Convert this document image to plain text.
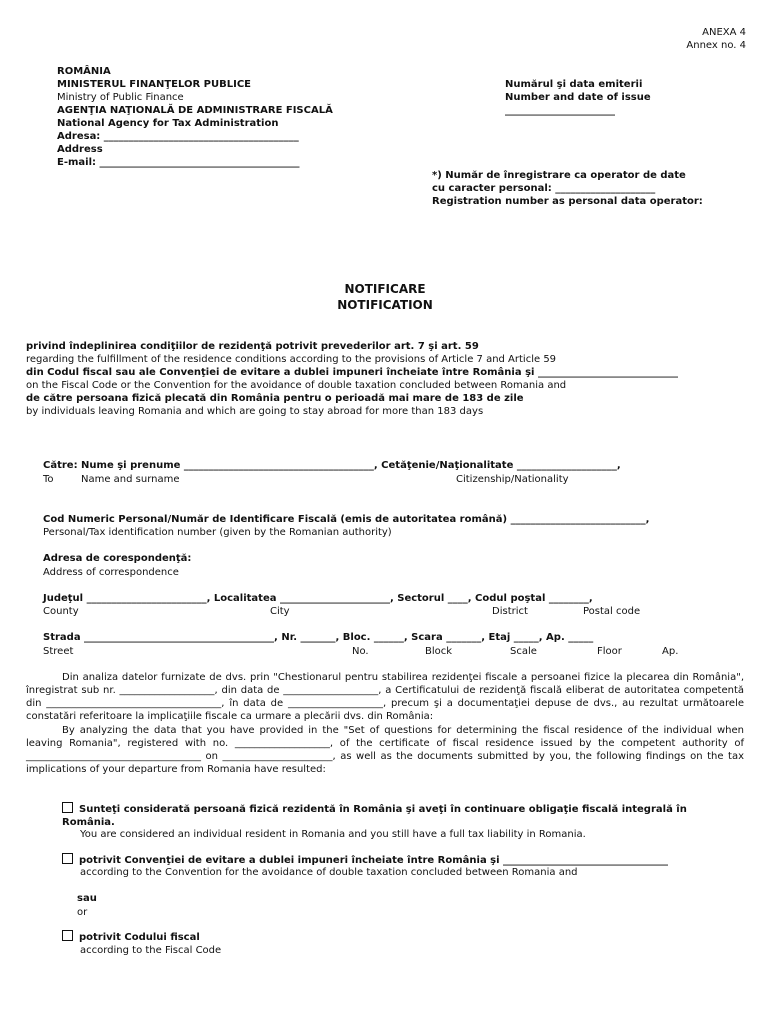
ANEXA 4
Annex no. 4
ROMÂNIA
MINISTERUL FINANŢELOR PUBLICE
Ministry of Public Finance
AGENŢIA NAŢIONALĂ DE ADMINISTRARE FISCALĂ
National Agency for Tax Administration
Adresa: _______________________________________
Address
E-mail: ________________________________________
Numărul şi data emiterii
Number and date of issue
______________________
*) Număr de înregistrare ca operator de date
cu caracter personal: ____________________
Registration number as personal data operator:
NOTIFICARE
NOTIFICATION
privind îndeplinirea condiţiilor de rezidenţă potrivit prevederilor art. 7 şi art. 59
regarding the fulfillment of the residence conditions according to the provisions of Article 7 and Article 59
din Codul fiscal sau ale Convenţiei de evitare a dublei impuneri încheiate între România şi ____________________________
on the Fiscal Code or the Convention for the avoidance of double taxation concluded between Romania and
de către persoana fizică plecată din România pentru o perioadă mai mare de 183 de zile
by individuals leaving Romania and which are going to stay abroad for more than 183 days
Către: Nume şi prenume ______________________________________, Cetăţenie/Naţionalitate ____________________,
To	Name and surname	Citizenship/Nationality
Cod Numeric Personal/Număr de Identificare Fiscală (emis de autoritatea română) ___________________________,
Personal/Tax identification number (given by the Romanian authority)
Adresa de corespondenţă:
Address of correspondence
Judeţul ________________________, Localitatea ______________________, Sectorul ____, Codul poştal ________,
County	City	District	Postal code
Strada ______________________________________, Nr. _______, Bloc. ______, Scara _______, Etaj _____, Ap. _____
Street	No.	Block	Scale	Floor	Ap.
Din analiza datelor furnizate de dvs. prin "Chestionarul pentru stabilirea rezidenţei fiscale a persoanei fizice la plecarea din România", înregistrat sub nr. ___________________, din data de ___________________, a Certificatului de rezidenţă fiscală eliberat de autoritatea competentă din ___________________________________, în data de ___________________, precum şi a documentaţiei depuse de dvs., au rezultat următoarele constatări referitoare la implicaţiile fiscale ca urmare a plecării dvs. din România:
By analyzing the data that you have provided in the "Set of questions for determining the fiscal residence of the individual when leaving Romania", registered with no. ___________________, of the certificate of fiscal residence issued by the competent authority of ___________________________________ on ______________________, as well as the documents submitted by you, the following findings on the tax implications of your departure from Romania have resulted:
Sunteţi considerată persoană fizică rezidentă în România şi aveţi în continuare obligaţie fiscală integrală în România.
You are considered an individual resident in Romania and you still have a full tax liability in Romania.
potrivit Convenţiei de evitare a dublei impuneri încheiate între România şi _________________________________
according to the Convention for the avoidance of double taxation concluded between Romania and
sau
or
potrivit Codului fiscal
according to the Fiscal Code
